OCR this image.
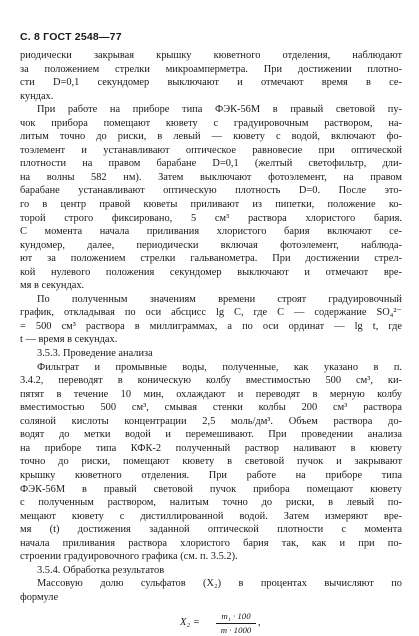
С. 8 ГОСТ 2548—77
риодически закрывая крышку кюветного отделения, наблюдают
за положением стрелки микроамперметра. При достижении плотно-
сти D=0,1 секундомер выключают и отмечают время в се-
кундах.
При работе на приборе типа ФЭК-56М в правый световой пу-
чок прибора помещают кювету с градуировочным раствором, на-
литым точно до риски, в левый — кювету с водой, включают фо-
тоэлемент и устанавливают оптическое равновесие при оптической
плотности на правом барабане D=0,1 (желтый светофильтр, дли-
на волны 582 нм). Затем выключают фотоэлемент, на правом
барабане устанавливают оптическую плотность D=0. После это-
го в центр правой кюветы приливают из пипетки, положение ко-
торой строго фиксировано, 5 см³ раствора хлористого бария.
С момента начала приливания хлористого бария включают се-
кундомер, далее, периодически включая фотоэлемент, наблюда-
ют за положением стрелки гальванометра. При достижении стрел-
кой нулевого положения секундомер выключают и отмечают вре-
мя в секундах.
По полученным значениям времени строят градуировочный
график, откладывая по оси абсцисс lg C, где C — содержание SO₄²⁻
= 500 см³ раствора в миллиграммах, а по оси ординат — lg t, где
t — время в секундах.
3.5.3. Проведение анализа
Фильтрат и промывные воды, полученные, как указано в п.
3.4.2, переводят в коническую колбу вместимостью 500 см³, ки-
пятят в течение 10 мин, охлаждают и переводят в мерную колбу
вместимостью 500 см³, смывая стенки колбы 200 см³ раствора
соляной кислоты концентрации 2,5 моль/дм³. Объем раствора до-
водят до метки водой и перемешивают. При проведении анализа
на приборе типа КФК-2 полученный раствор наливают в кювету
точно до риски, помещают кювету в световой пучок и закрывают
крышку кюветного отделения. При работе на приборе типа
ФЭК-56М в правый световой пучок прибора помещают кювету
с полученным раствором, налитым точно до риски, в левый по-
мещают кювету с дистиллированной водой. Затем измеряют вре-
мя (t) достижения заданной оптической плотности с момента
начала приливания раствора хлористого бария так, как и при по-
строении градуировочного графика (см. п. 3.5.2).
3.5.4. Обработка результатов
Массовую долю сульфатов (X₂) в процентах вычисляют по
формуле
X₂ =
m₁ · 100
m · 1000
,
